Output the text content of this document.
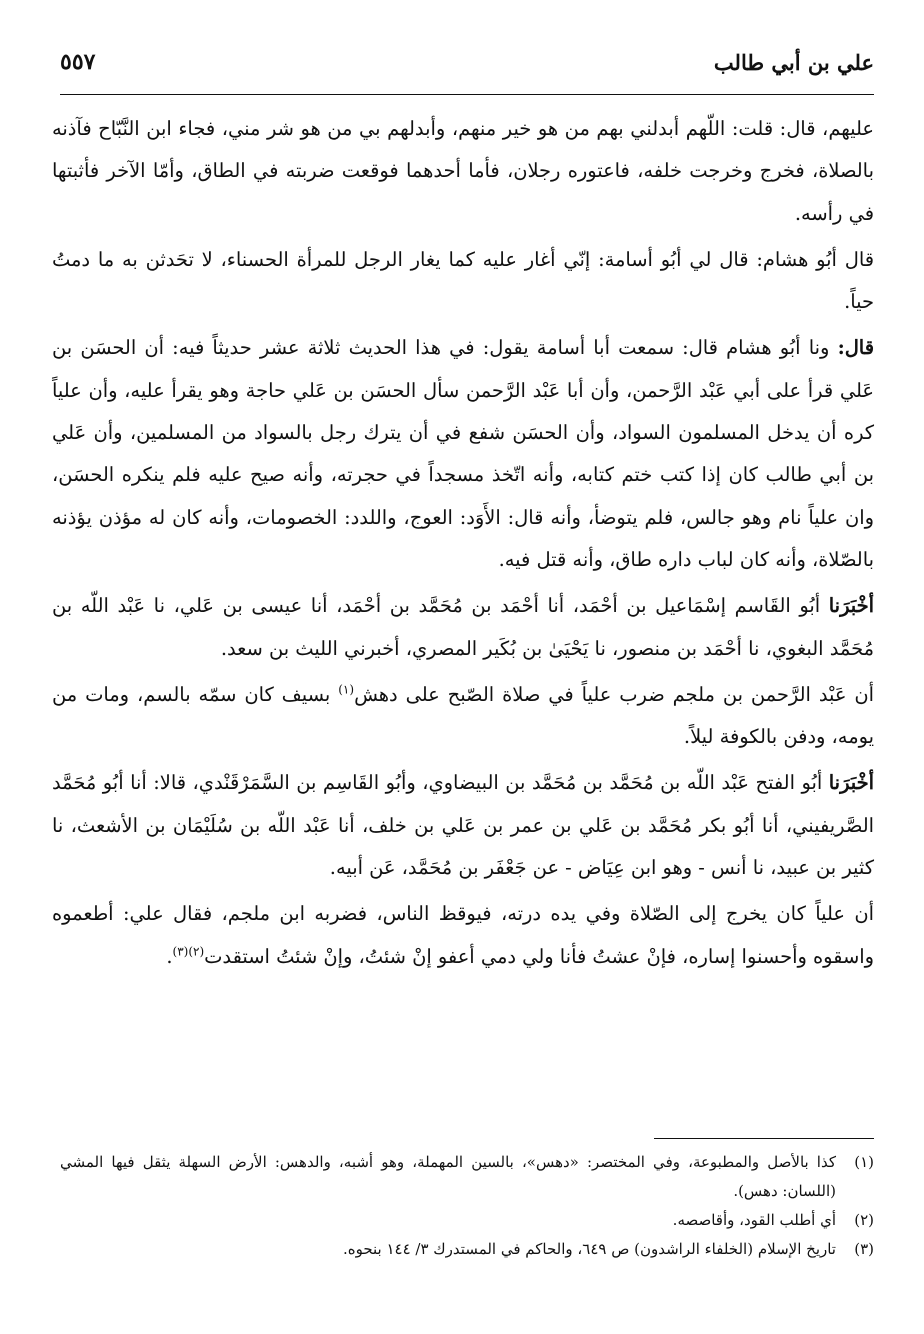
علي بن أبي طالب
٥٥٧

عليهم، قال: قلت: اللّهم أبدلني بهم من هو خير منهم، وأبدلهم بي من هو شر مني، فجاء ابن النَّبّاح فآذنه بالصلاة، فخرج وخرجت خلفه، فاعتوره رجلان، فأما أحدهما فوقعت ضربته في الطاق، وأمّا الآخر فأثبتها في رأسه.

قال أبُو هشام: قال لي أبُو أسامة: إنّي أغار عليه كما يغار الرجل للمرأة الحسناء، لا تحَدثن به ما دمتُ حياً.

قال: ونا أبُو هشام قال: سمعت أبا أسامة يقول: في هذا الحديث ثلاثة عشر حديثاً فيه: أن الحسَن بن عَلي قرأ على أبي عَبْد الرَّحمن، وأن أبا عَبْد الرَّحمن سأل الحسَن بن عَلي حاجة وهو يقرأ عليه، وأن علياً كره أن يدخل المسلمون السواد، وأن الحسَن شفع في أن يترك رجل بالسواد من المسلمين، وأن عَلي بن أبي طالب كان إذا كتب ختم كتابه، وأنه اتّخذ مسجداً في حجرته، وأنه صيح عليه فلم ينكره الحسَن، وان علياً نام وهو جالس، فلم يتوضأ، وأنه قال: الأَوَد: العوج، واللدد: الخصومات، وأنه كان له مؤذن يؤذنه بالصّلاة، وأنه كان لباب داره طاق، وأنه قتل فيه.

أخْبَرَنا أبُو القَاسم إسْمَاعيل بن أحْمَد، أنا أحْمَد بن مُحَمَّد بن أحْمَد، أنا عيسى بن عَلي، نا عَبْد اللّه بن مُحَمَّد البغوي، نا أحْمَد بن منصور، نا يَحْيَىٰ بن بُكَير المصري، أخبرني الليث بن سعد.

أن عَبْد الرَّحمن بن ملجم ضرب علياً في صلاة الصّبح على دهش$^{(١)}$ بسيف كان سمّه بالسم، ومات من يومه، ودفن بالكوفة ليلاً.

أخْبَرَنا أبُو الفتح عَبْد اللّه بن مُحَمَّد بن مُحَمَّد بن البيضاوي، وأبُو القَاسِم بن السَّمَرْقَنْدي، قالا: أنا أبُو مُحَمَّد الصَّريفيني، أنا أبُو بكر مُحَمَّد بن عَلي بن عمر بن عَلي بن خلف، أنا عَبْد اللّه بن سُلَيْمَان بن الأشعث، نا كثير بن عبيد، نا أنس - وهو ابن عِيَاض - عن جَعْفَر بن مُحَمَّد، عَن أبيه.

أن علياً كان يخرج إلى الصّلاة وفي يده درته، فيوقظ الناس، فضربه ابن ملجم، فقال علي: أطعموه واسقوه وأحسنوا إساره، فإنْ عشتُ فأنا ولي دمي أعفو إنْ شئتُ، وإنْ شئتُ استقدت$^{(٢)(٣)}$.

(١)
كذا بالأصل والمطبوعة، وفي المختصر: «دهس»، بالسين المهملة، وهو أشبه، والدهس: الأرض السهلة يثقل فيها المشي (اللسان: دهس).
(٢)
أي أطلب القود، وأقاصصه.
(٣)
تاريخ الإسلام (الخلفاء الراشدون) ص ٦٤٩، والحاكم في المستدرك ٣/ ١٤٤ بنحوه.
